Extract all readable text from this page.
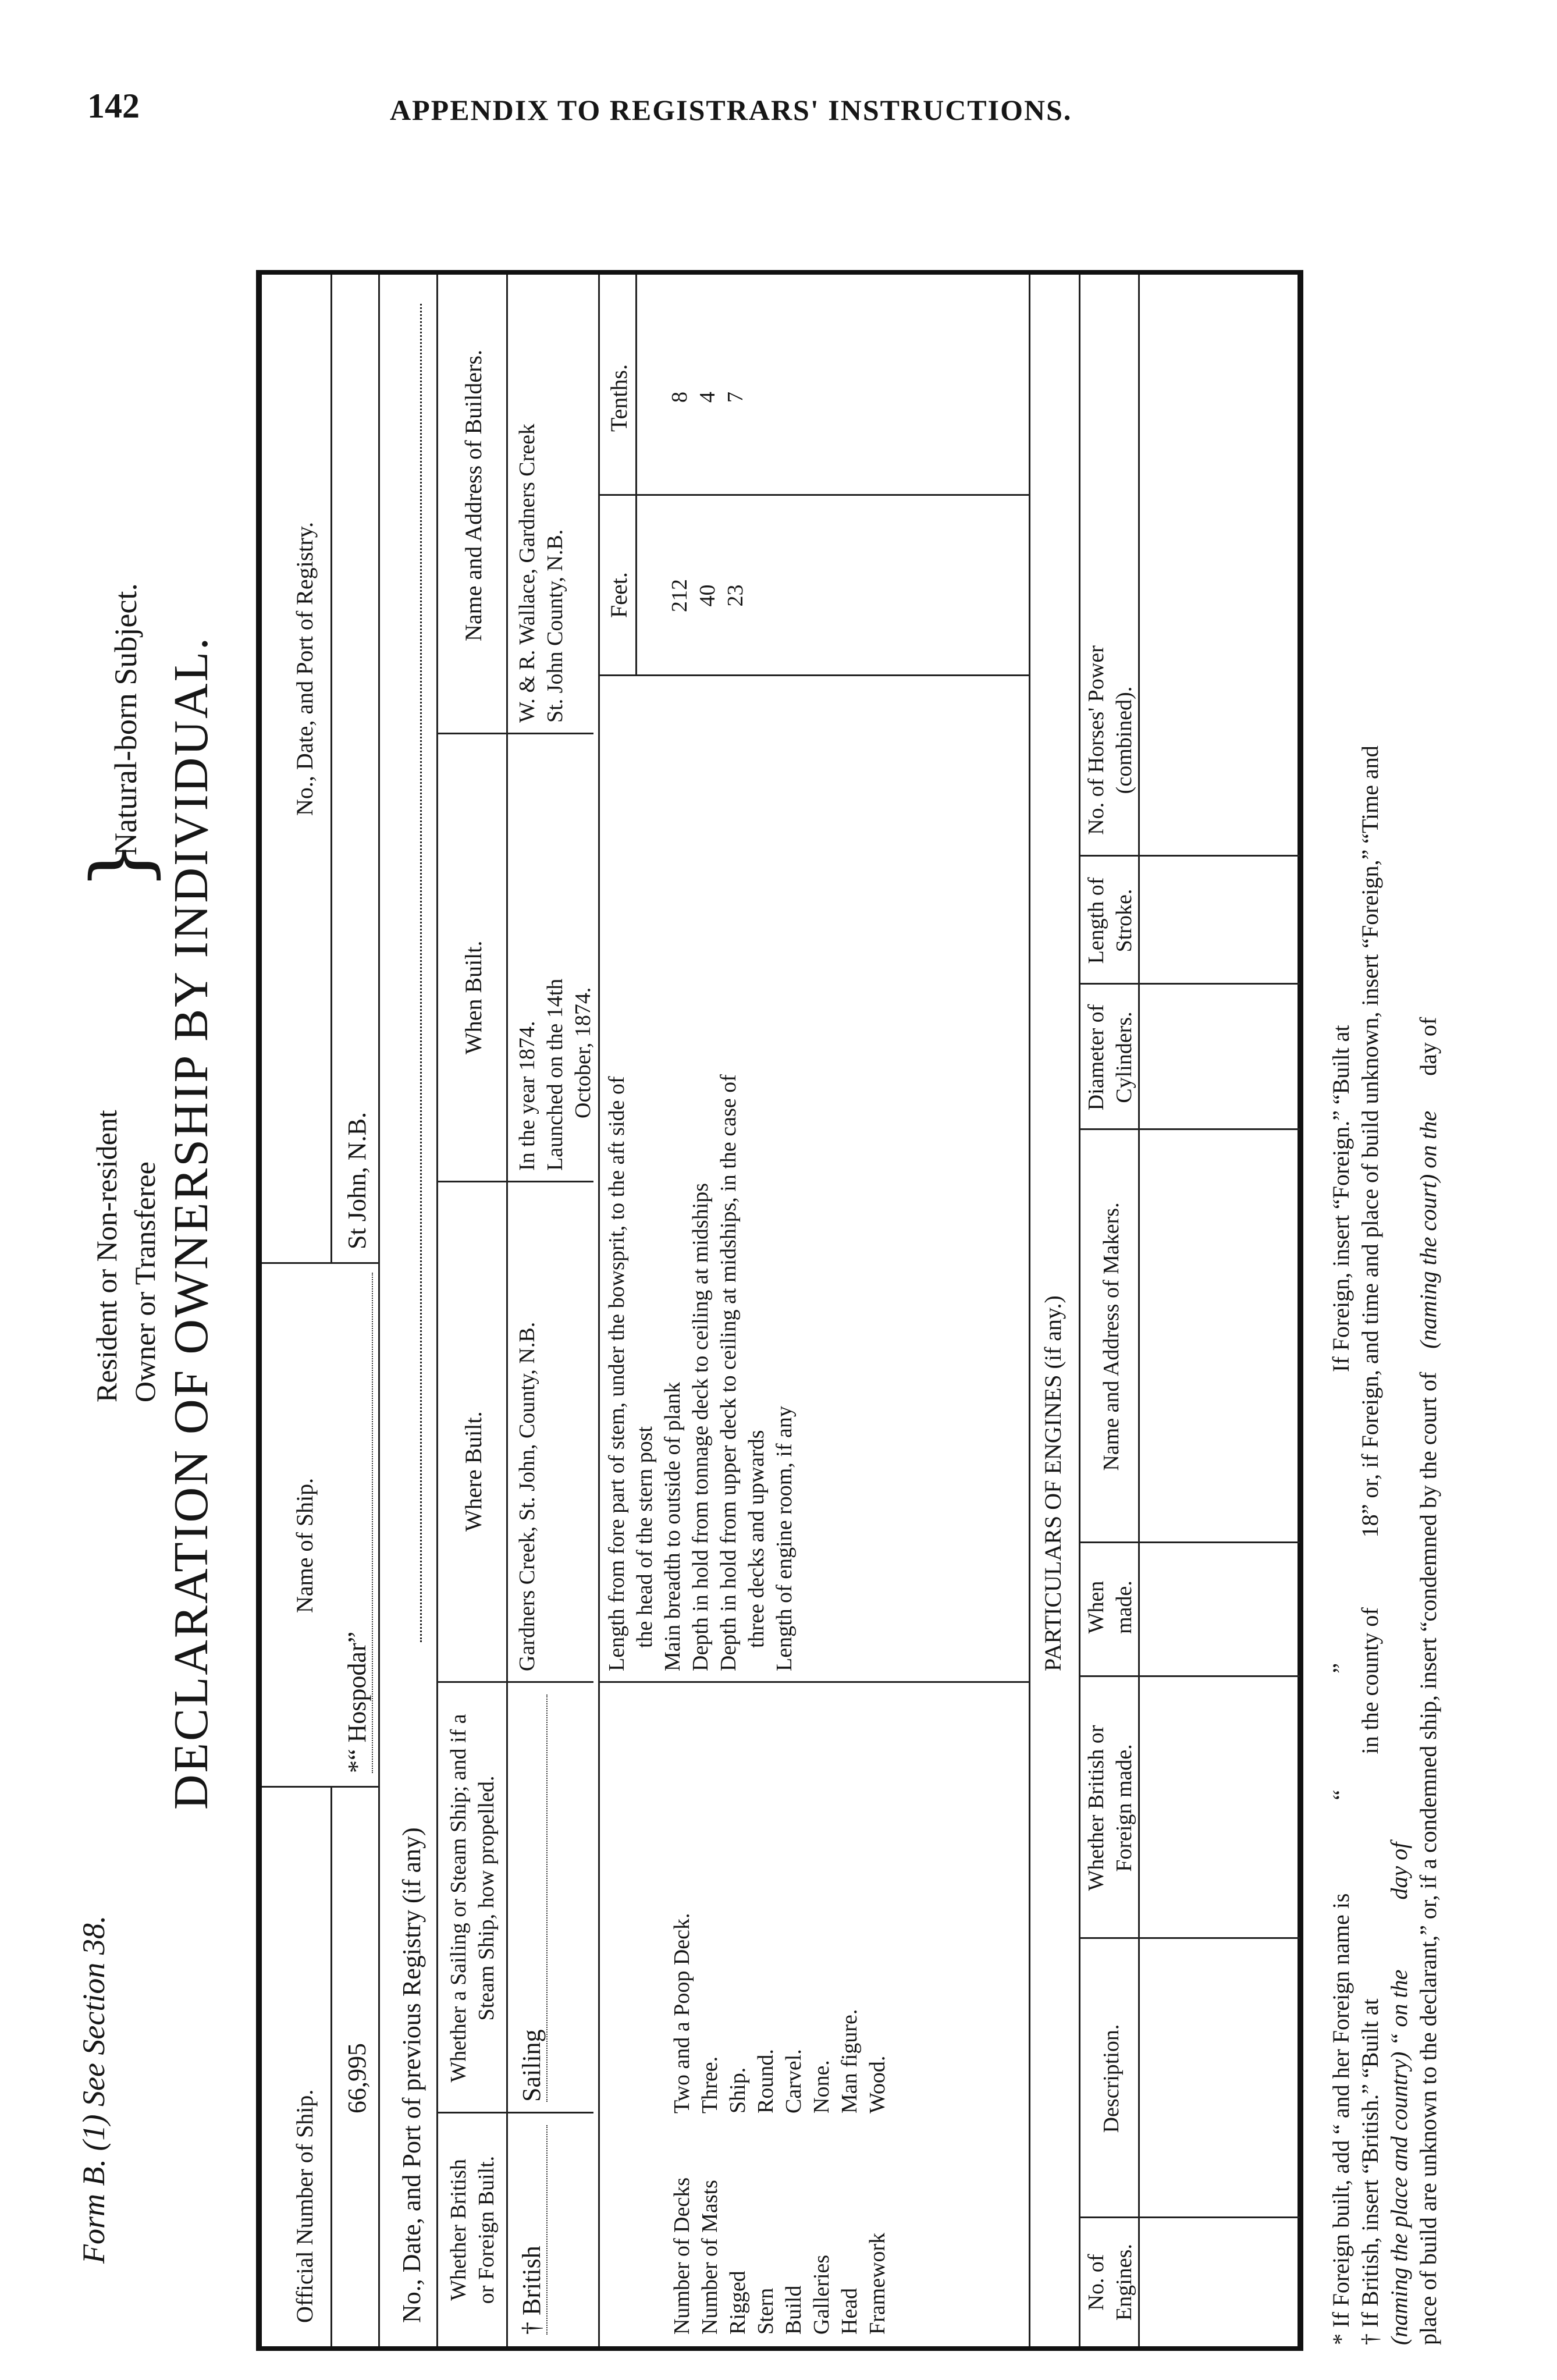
142	APPENDIX TO REGISTRARS' INSTRUCTIONS.
Form B. (1) See Section 38.
DECLARATION OF OWNERSHIP BY INDIVIDUAL.
Resident or Non-resident Owner or Transferee
}
Natural-born Subject.
Official Number of Ship.
Name of Ship.
No., Date, and Port of Registry.
66,995
*“ Hospodar”
St John, N.B.
No., Date, and Port of previous Registry (if any) Whether British or Foreign Built.
Whether a Sailing or Steam Ship; and if a Steam Ship, how propelled.
Where Built.
When Built.
Name and Address of Builders.
† British
Sailing
Gardners Creek, St. John, County, N.B.
In the year 1874. Launched on the 14th October, 1874.
W. & R. Wallace, Gardners Creek St. John County, N.B.
Number of DecksTwo and a Poop Deck.
Number of MastsThree.
RiggedShip.
SternRound.
BuildCarvel.
GalleriesNone.
HeadMan figure.
FrameworkWood.
Length from fore part of stem, under the bowsprit, to the aft side of the head of the stern post Main breadth to outside of plank Depth in hold from tonnage deck to ceiling at midships Depth in hold from upper deck to ceiling at midships, in the case of three decks and upwards Length of engine room, if any
Feet.
Tenths.
212 40 23
8 4 7
PARTICULARS OF ENGINES (if any.)
No. of Engines.
Description.
Whether British or Foreign made.
When made.
Name and Address of Makers.
Diameter of Cylinders.
Length of Stroke.
No. of Horses' Power (combined).
* If Foreign built, add “ and her Foreign name is“”If Foreign, insert “Foreign.” “Built at
† If British, insert “British.” “Built atin the county of18” or, if Foreign, and time and place of build unknown, insert “Foreign,” “Time and
(naming the place and country) “ on theday of place of build are unknown to the declarant,” or, if a condemned ship, insert “condemned by the court of(naming the court) on theday of
